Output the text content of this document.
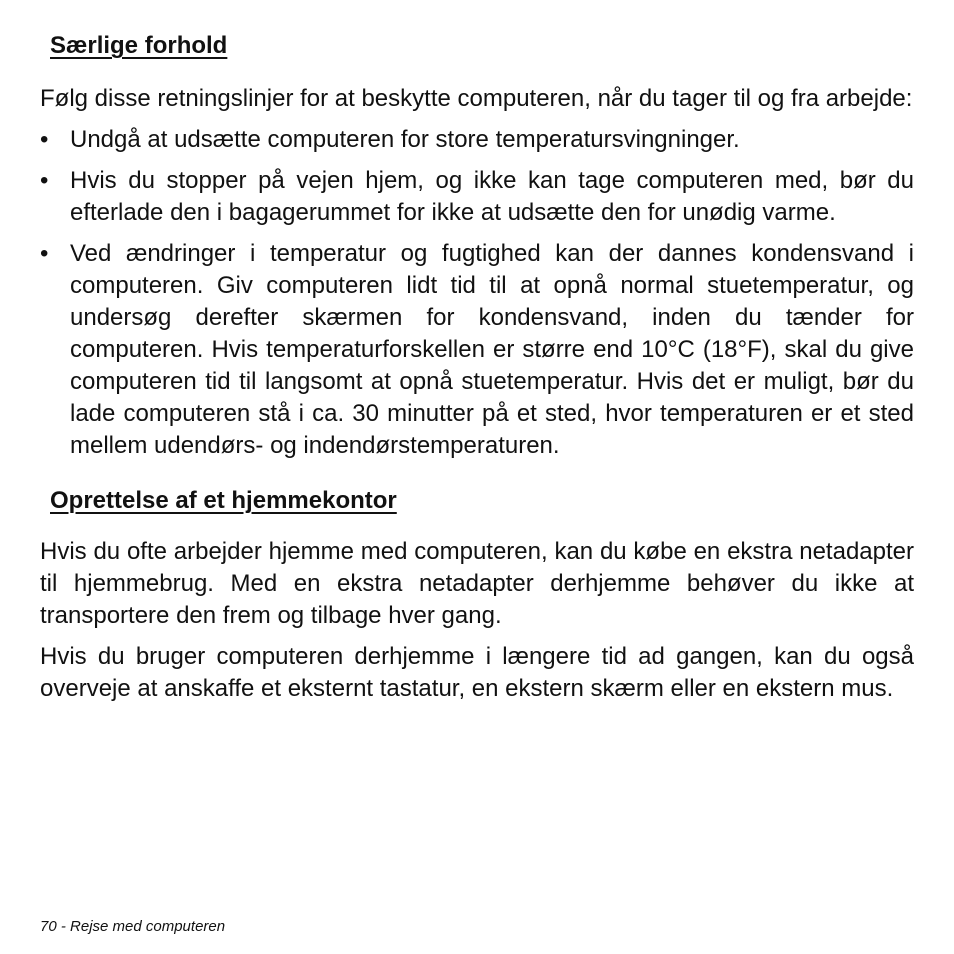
Særlige forhold

Følg disse retningslinjer for at beskytte computeren, når du tager til og fra arbejde:

• Undgå at udsætte computeren for store temperatursvingninger.
• Hvis du stopper på vejen hjem, og ikke kan tage computeren med, bør du efterlade den i bagagerummet for ikke at udsætte den for unødig varme.
• Ved ændringer i temperatur og fugtighed kan der dannes kondensvand i computeren. Giv computeren lidt tid til at opnå normal stuetemperatur, og undersøg derefter skærmen for kondensvand, inden du tænder for computeren. Hvis temperaturforskellen er større end 10°C (18°F), skal du give computeren tid til langsomt at opnå stuetemperatur. Hvis det er muligt, bør du lade computeren stå i ca. 30 minutter på et sted, hvor temperaturen er et sted mellem udendørs- og indendørstemperaturen.
Oprettelse af et hjemmekontor

Hvis du ofte arbejder hjemme med computeren, kan du købe en ekstra netadapter til hjemmebrug. Med en ekstra netadapter derhjemme behøver du ikke at transportere den frem og tilbage hver gang.

Hvis du bruger computeren derhjemme i længere tid ad gangen, kan du også overveje at anskaffe et eksternt tastatur, en ekstern skærm eller en ekstern mus.

70 - Rejse med computeren
